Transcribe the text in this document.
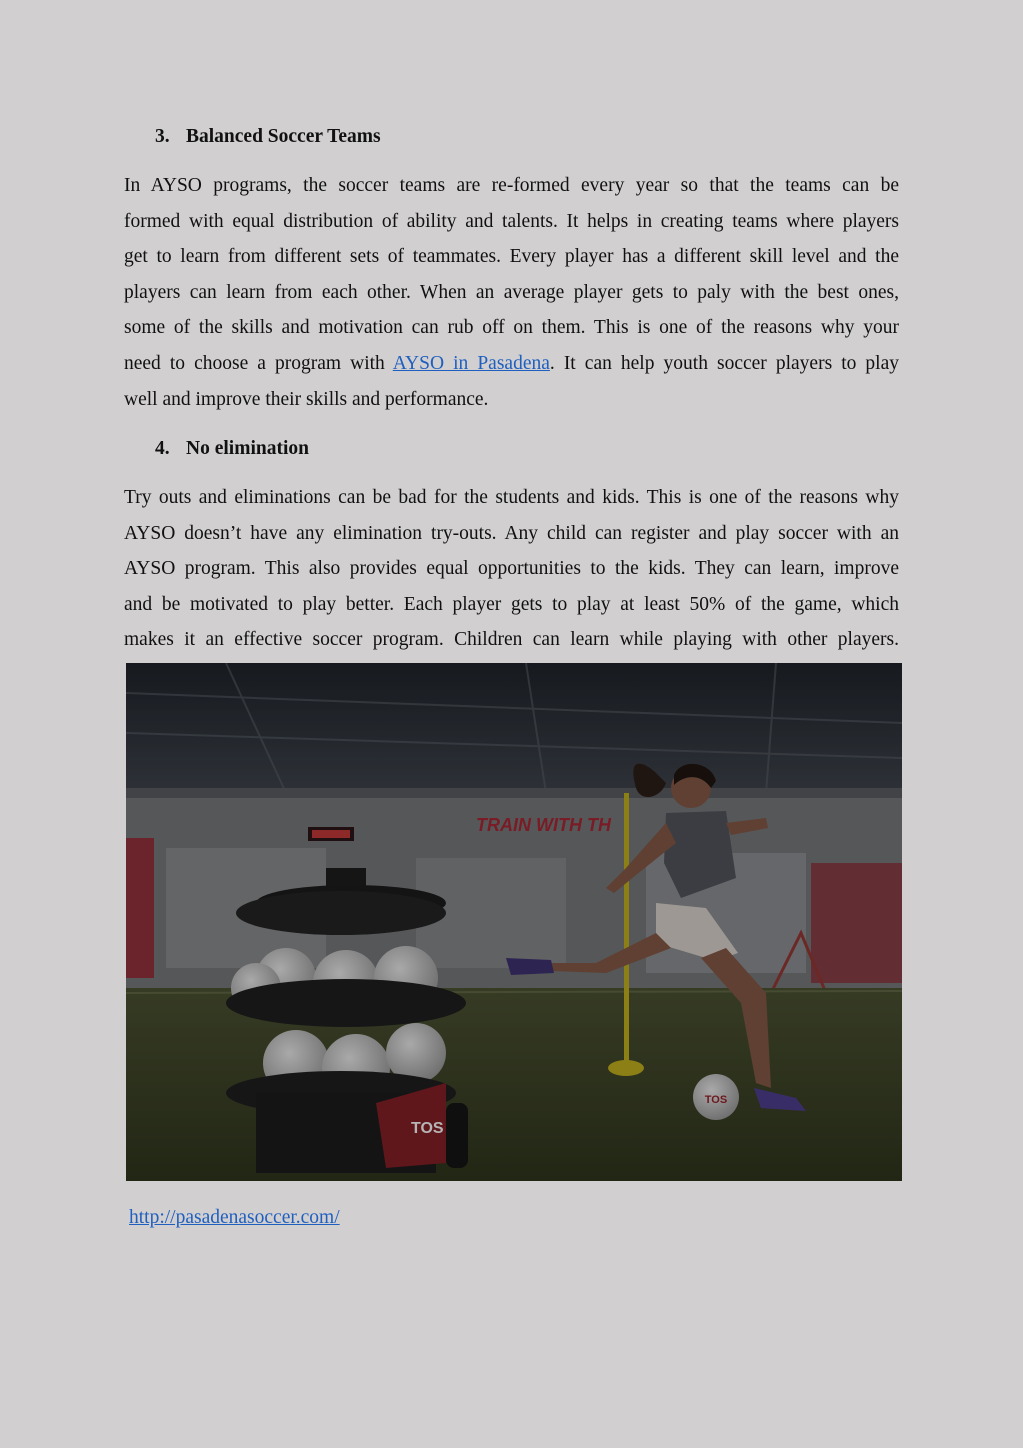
3. Balanced Soccer Teams
In AYSO programs, the soccer teams are re-formed every year so that the teams can be
formed with equal distribution of ability and talents. It helps in creating teams where players
get to learn from different sets of teammates. Every player has a different skill level and the
players can learn from each other. When an average player gets to paly with the best ones,
some of the skills and motivation can rub off on them. This is one of the reasons why your
need to choose a program with AYSO in Pasadena. It can help youth soccer players to play
well and improve their skills and performance.
4. No elimination
Try outs and eliminations can be bad for the students and kids. This is one of the reasons why
AYSO doesn’t have any elimination try-outs. Any child can register and play soccer with an
AYSO program. This also provides equal opportunities to the kids. They can learn, improve
and be motivated to play better. Each player gets to play at least 50% of the game, which
makes it an effective soccer program. Children can learn while playing with other players.
TRAIN WITH TH
TOS
TOS
http://pasadenasoccer.com/
